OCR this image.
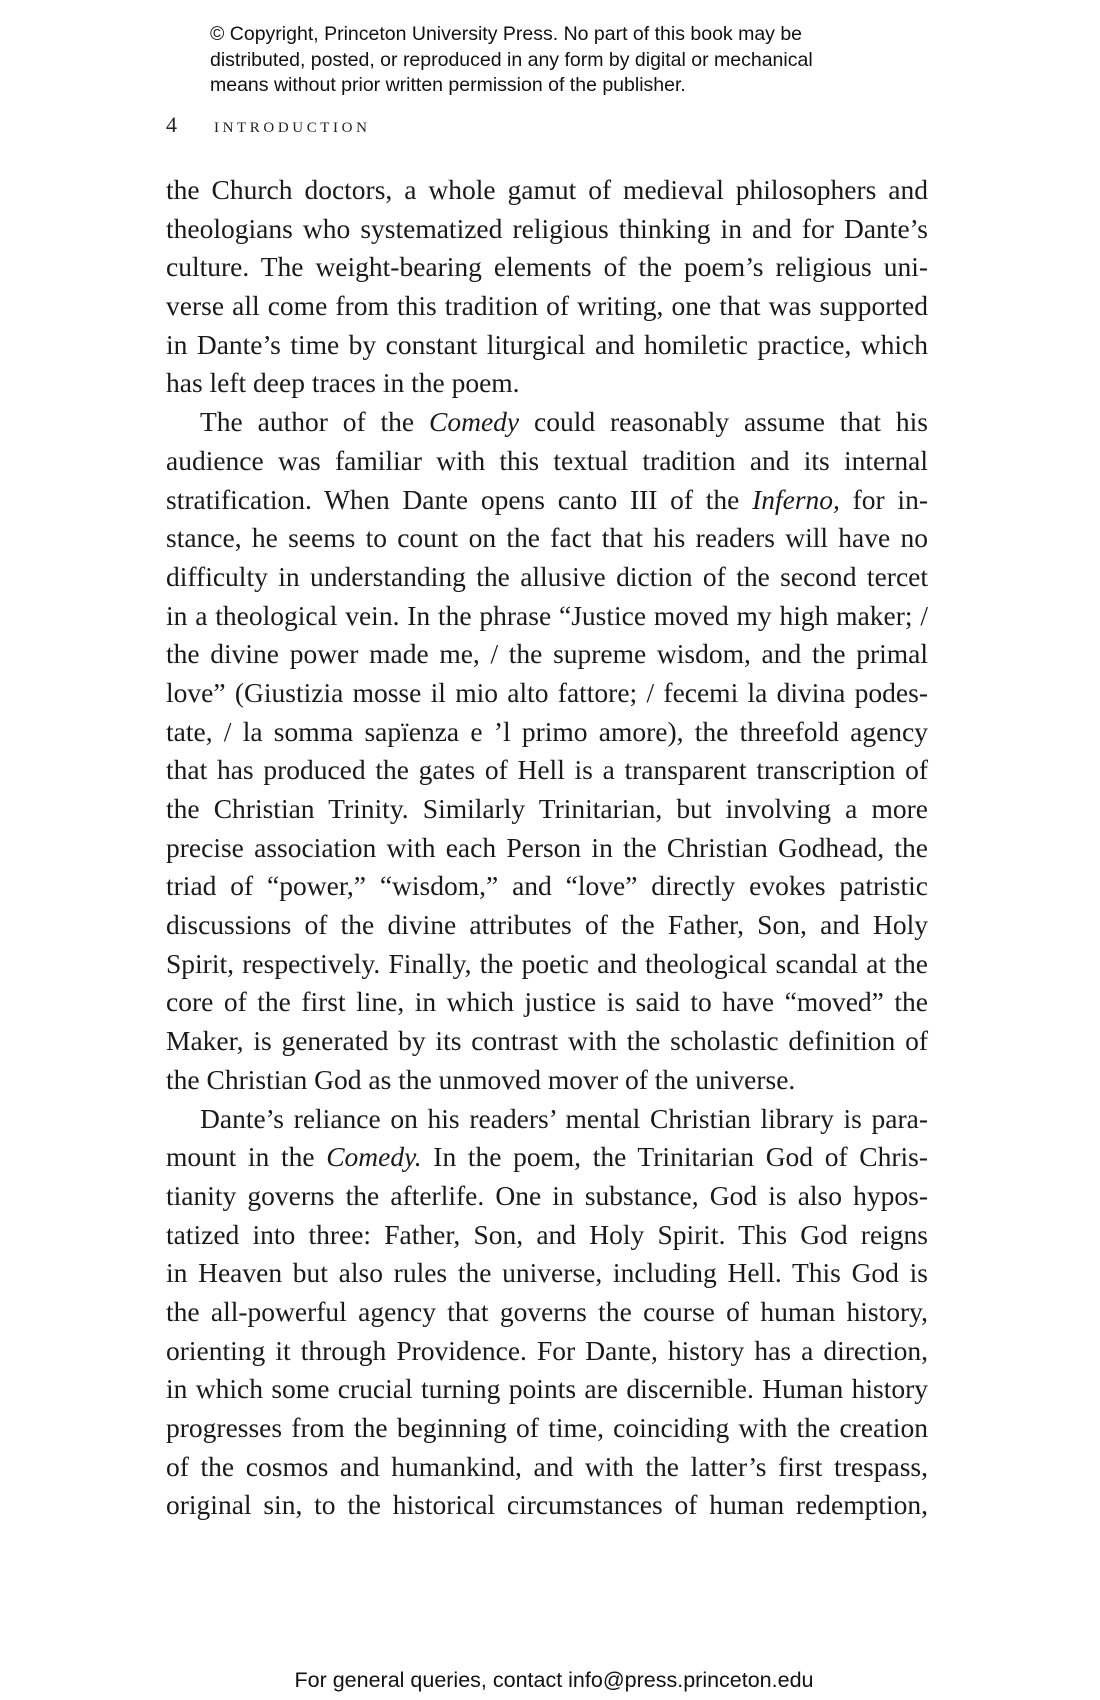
© Copyright, Princeton University Press. No part of this book may be
distributed, posted, or reproduced in any form by digital or mechanical
means without prior written permission of the publisher.
4 introduction
the Church doctors, a whole gamut of medieval philosophers and
theologians who systematized religious thinking in and for Dante’s
culture. The weight-bearing elements of the poem’s religious uni-
verse all come from this tradition of writing, one that was supported
in Dante’s time by constant liturgical and homiletic practice, which
has left deep traces in the poem.
The author of the Comedy could reasonably assume that his
audience was familiar with this textual tradition and its internal
stratification. When Dante opens canto III of the Inferno, for in-
stance, he seems to count on the fact that his readers will have no
difficulty in understanding the allusive diction of the second tercet
in a theological vein. In the phrase “Justice moved my high maker; /
the divine power made me, / the supreme wisdom, and the primal
love” (Giustizia mosse il mio alto fattore; / fecemi la divina podes-
tate, / la somma sapïenza e ’l primo amore), the threefold agency
that has produced the gates of Hell is a transparent transcription of
the Christian Trinity. Similarly Trinitarian, but involving a more
precise association with each Person in the Christian Godhead, the
triad of “power,” “wisdom,” and “love” directly evokes patristic
discussions of the divine attributes of the Father, Son, and Holy
Spirit, respectively. Finally, the poetic and theological scandal at the
core of the first line, in which justice is said to have “moved” the
Maker, is generated by its contrast with the scholastic definition of
the Christian God as the unmoved mover of the universe.
Dante’s reliance on his readers’ mental Christian library is para-
mount in the Comedy. In the poem, the Trinitarian God of Chris-
tianity governs the afterlife. One in substance, God is also hypos-
tatized into three: Father, Son, and Holy Spirit. This God reigns
in Heaven but also rules the universe, including Hell. This God is
the all-powerful agency that governs the course of human history,
orienting it through Providence. For Dante, history has a direction,
in which some crucial turning points are discernible. Human history
progresses from the beginning of time, coinciding with the creation
of the cosmos and humankind, and with the latter’s first trespass,
original sin, to the historical circumstances of human redemption,
For general queries, contact info@press.princeton.edu
